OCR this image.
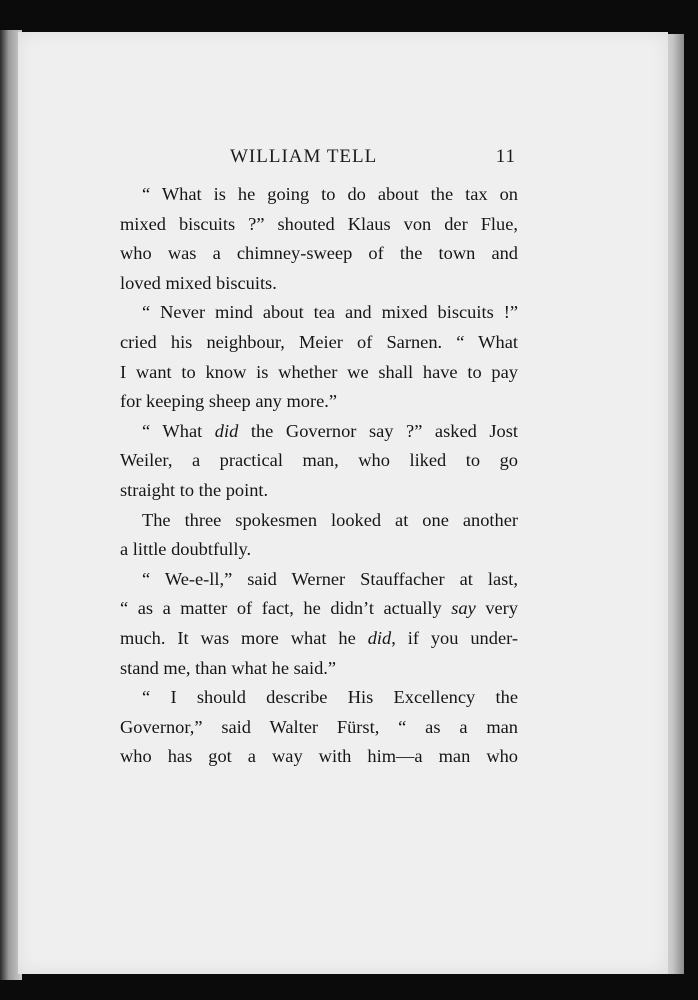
WILLIAM TELL	11
“ What is he going to do about the tax on
mixed biscuits ?” shouted Klaus von der Flue,
who was a chimney-sweep of the town and
loved mixed biscuits.
“ Never mind about tea and mixed biscuits !”
cried his neighbour, Meier of Sarnen. “ What
I want to know is whether we shall have to pay
for keeping sheep any more.”
“ What did the Governor say ?” asked Jost
Weiler, a practical man, who liked to go
straight to the point.
The three spokesmen looked at one another
a little doubtfully.
“ We-e-ll,” said Werner Stauffacher at last,
“ as a matter of fact, he didn’t actually say very
much. It was more what he did, if you under-
stand me, than what he said.”
“ I should describe His Excellency the
Governor,” said Walter Fürst, “ as a man
who has got a way with him—a man who
